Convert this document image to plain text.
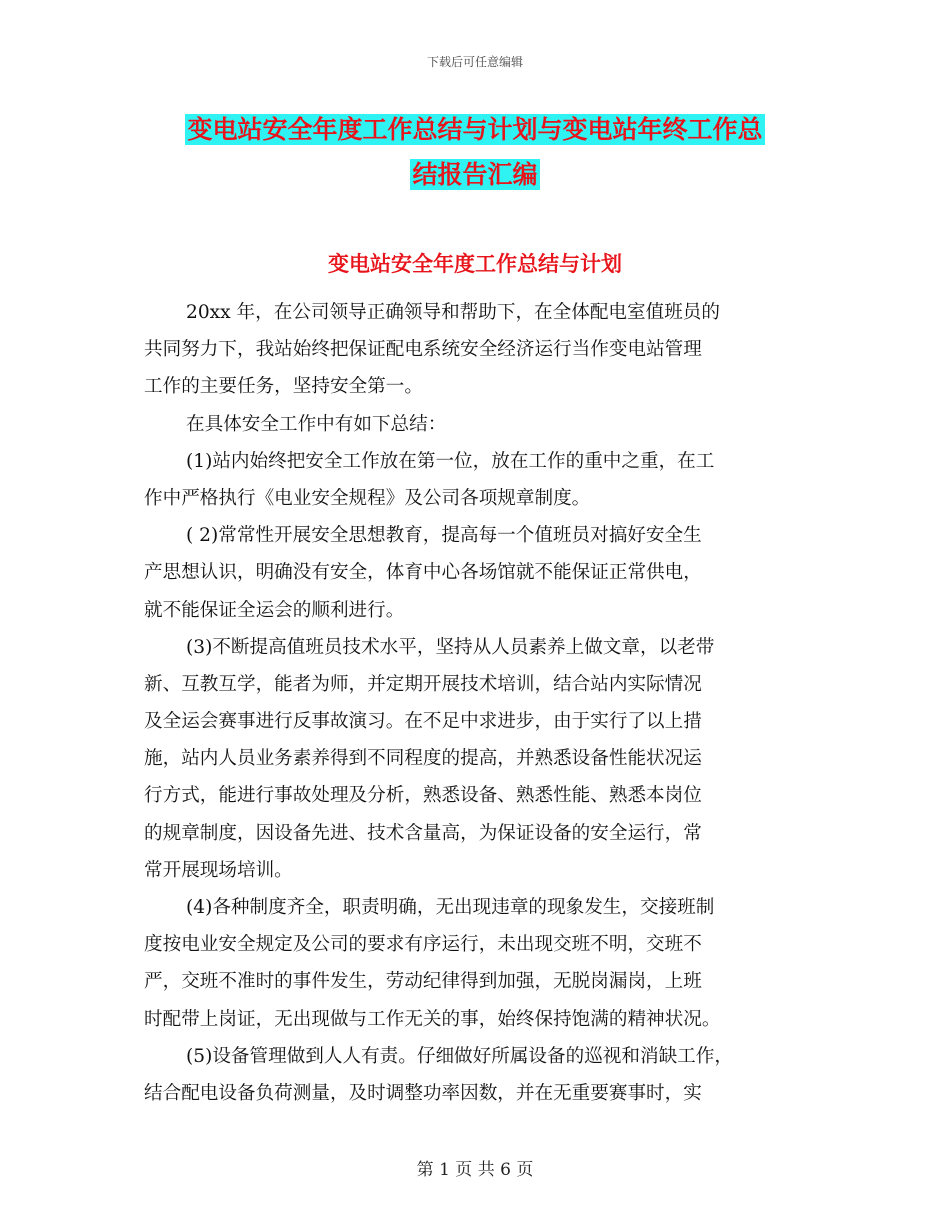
下载后可任意编辑
变电站安全年度工作总结与计划与变电站年终工作总
结报告汇编
变电站安全年度工作总结与计划
20xx 年，在公司领导正确领导和帮助下，在全体配电室值班员的
共同努力下，我站始终把保证配电系统安全经济运行当作变电站管理
工作的主要任务，坚持安全第一。
在具体安全工作中有如下总结：
(1)站内始终把安全工作放在第一位，放在工作的重中之重，在工
作中严格执行《电业安全规程》及公司各项规章制度。
( 2)常常性开展安全思想教育，提高每一个值班员对搞好安全生
产思想认识，明确没有安全，体育中心各场馆就不能保证正常供电，
就不能保证全运会的顺利进行。
(3)不断提高值班员技术水平，坚持从人员素养上做文章，以老带
新、互教互学，能者为师，并定期开展技术培训，结合站内实际情况
及全运会赛事进行反事故演习。在不足中求进步，由于实行了以上措
施，站内人员业务素养得到不同程度的提高，并熟悉设备性能状况运
行方式，能进行事故处理及分析，熟悉设备、熟悉性能、熟悉本岗位
的规章制度，因设备先进、技术含量高，为保证设备的安全运行，常
常开展现场培训。
(4)各种制度齐全，职责明确，无出现违章的现象发生，交接班制
度按电业安全规定及公司的要求有序运行，未出现交班不明，交班不
严，交班不准时的事件发生，劳动纪律得到加强，无脱岗漏岗，上班
时配带上岗证，无出现做与工作无关的事，始终保持饱满的精神状况。
(5)设备管理做到人人有责。仔细做好所属设备的巡视和消缺工作，
结合配电设备负荷测量，及时调整功率因数，并在无重要赛事时，实
第 1 页 共 6 页
